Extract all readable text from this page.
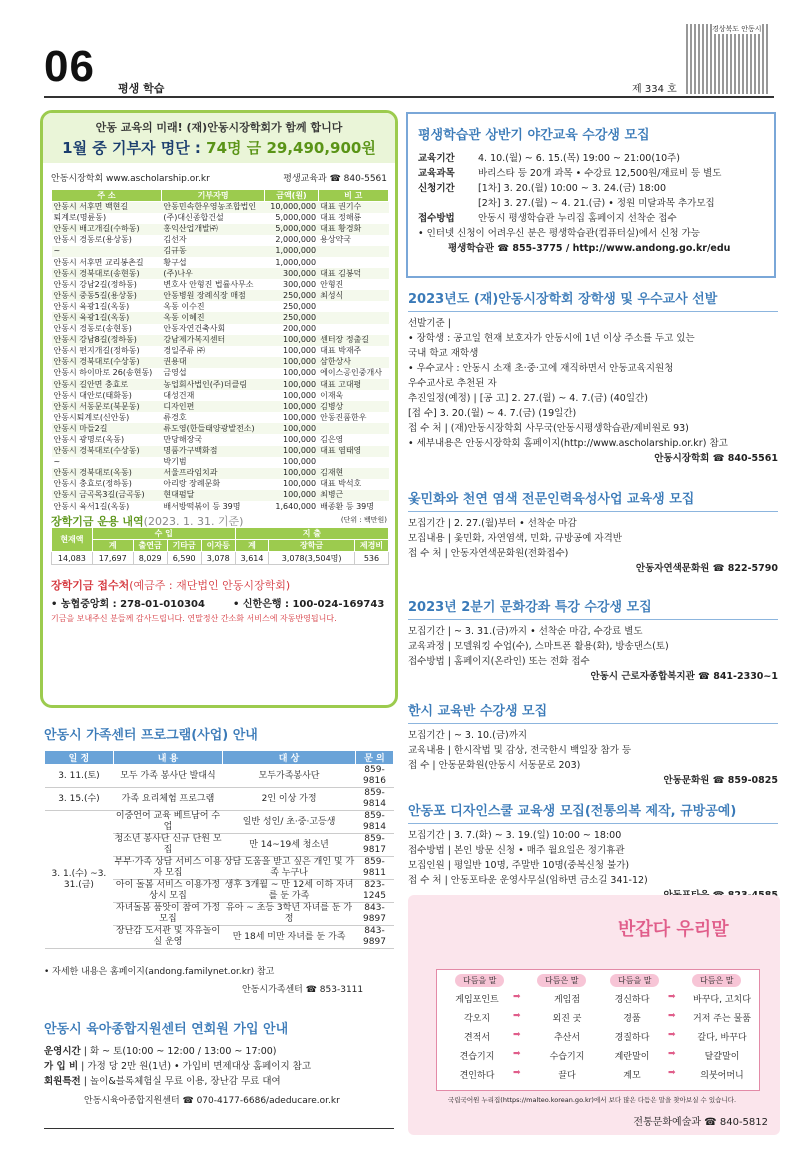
06 평생 학습	제 334 호
경상북도 안동시
안동 교육의 미래! (재)안동시장학회가 함께 합니다
1월 중 기부자 명단 : 74명 금 29,490,900원
안동시장학회 www.ascholarship.or.kr	평생교육과 ☎ 840-5561
주 소	기부자명	금액(원)	비 고
안동시 서후면 백현길	안동민속한우영농조합법인	10,000,000	대표 권기수
퇴계로(명륜동)	(주)대신종합건설	5,000,000	대표 정해룡
안동시 배고개길(수하동)	홍익산업개발㈜	5,000,000	대표 황경화
안동시 경동로(용상동)	김선자	2,000,000	용상약국
~	김규동	1,000,000	
안동시 서후면 교리봉촌길	황구섭	1,000,000	
안동시 경북대로(송현동)	(주)나우	300,000	대표 김봉덕
안동시 강남2길(정하동)	변호사 안형진 법률사무소	300,000	안형진
안동시 중동5길(용상동)	안동병원 장례식장 매점	250,000	최성식
안동시 육광1길(옥동)	옥동 이수진	250,000	
안동시 육광1길(옥동)	옥동 이혜진	250,000	
안동시 경동로(송현동)	안동자연건축사회	200,000	
안동시 강남8길(정하동)	강남제가복지센터	100,000	센터장 정출길
안동시 편지개길(정하동)	경일주류 ㈜	100,000	대표 박재주
안동시 경북대로(수상동)	권용대	100,000	삼한상사
안동시 하이마로 26(송현동)	금영섭	100,000	에이스공인중개사
안동시 길안면 충효로	농업회사법인(주)더클림	100,000	대표 고대평
안동시 대안로(태화동)	대성건재	100,000	이재욱
안동시 서동문로(북문동)	디자인편	100,000	김병상
안동시퇴계로(신안동)	류경호	100,000	안동진품한우
안동시 마들2길	류도영(한들태양광발전소)	100,000	
안동시 광명로(옥동)	만당해장국	100,000	김은영
안동시 경북대로(수상동)	명품가구백화점	100,000	대표 염태영
~	박기범	100,000	
안동시 경북대로(옥동)	서울프라임치과	100,000	김재현
안동시 충효로(정하동)	아리랑 장례문화	100,000	대표 박석호
안동시 금곡목3길(금곡동)	현대펌달	100,000	최병근
안동시 육서1길(옥동)	배서방떡볶이 등 39명	1,640,000	배종환 등 39명
장학기금 운용 내역(2023. 1. 31. 기준)	(단위 : 백만원)
현재액	수 입				지 출		
	계	출연금	기타금	이자등	계	장학금	제경비
14,083	17,697	8,029	6,590	3,078	3,614	3,078(3,504명)	536
장학기금 접수처(예금주 : 재단법인 안동시장학회)
• 농협중앙회 : 278-01-010304	• 신한은행 : 100-024-169743
기금을 보내주신 분들께 감사드립니다. 연말정산 간소화 서비스에 자동반영됩니다.
안동시 가족센터 프로그램(사업) 안내
일 정	내 용	대 상	문 의
3. 11.(토)	모두 가족 봉사단 발대식	모두가족봉사단	859-9816
3. 15.(수)	가족 요리체험 프로그램	2인 이상 가정	859-9814
3. 1.(수) ~3. 31.(금)	이중언어 교육 베트남어 수업	일반 성인/ 초·중·고등생	859-9814
	청소년 봉사단 신규 단원 모집	만 14~19세 청소년	859-9817
	부부·가족 상담 서비스 이용자 모집	상담 도움을 받고 싶은 개인 및 가족 누구나	859-9811
	아이 돌봄 서비스 이용가정 상시 모집	생후 3개월 ~ 만 12세 이하 자녀를 둔 가족	823-1245
	자녀돌봄 품앗이 참여 가정 모집	유아 ~ 초등 3학년 자녀를 둔 가정	843-9897
	장난감 도서관 및 자유놀이실 운영	만 18세 미만 자녀를 둔 가족	843-9897
• 자세한 내용은 홈페이지(andong.familynet.or.kr) 참고
안동시가족센터 ☎ 853-3111
안동시 육아종합지원센터 연회원 가입 안내
운영시간 | 화 ~ 토(10:00 ~ 12:00 / 13:00 ~ 17:00)
가 입 비 | 가정 당 2만 원(1년) • 가입비 면제대상 홈페이지 참고
회원특전 | 놀이&블록체험실 무료 이용, 장난감 무료 대여
안동시육아종합지원센터 ☎ 070-4177-6686/adeducare.or.kr
평생학습관 상반기 야간교육 수강생 모집
교육기간 4. 10.(월) ~ 6. 15.(목) 19:00 ~ 21:00(10주)
교육과목 바리스타 등 20개 과목 • 수강료 12,500원/재료비 등 별도
신청기간 [1차] 3. 20.(월) 10:00 ~ 3. 24.(금) 18:00
[2차] 3. 27.(월) ~ 4. 21.(금) • 정원 미달과목 추가모집
접수방법 안동시 평생학습관 누리집 홈페이지 선착순 접수
• 인터넷 신청이 어려우신 분은 평생학습관(컴퓨터실)에서 신청 가능
평생학습관 ☎ 855-3775 / http://www.andong.go.kr/edu
2023년도 (재)안동시장학회 장학생 및 우수교사 선발
선발기준 |
• 장학생 : 공고일 현재 보호자가 안동시에 1년 이상 주소를 두고 있는
국내 학교 재학생
• 우수교사 : 안동시 소재 초·중·고에 재직하면서 안동교육지원청
우수교사로 추천된 자
추진일정(예정) | [공 고] 2. 27.(월) ~ 4. 7.(금) (40일간)
[접 수] 3. 20.(월) ~ 4. 7.(금) (19일간)
접 수 처 | (재)안동시장학회 사무국(안동시평생학습관/제비원로 93)
• 세부내용은 안동시장학회 홈페이지(http://www.ascholarship.or.kr) 참고
안동시장학회 ☎ 840-5561
옻민화와 천연 염색 전문인력육성사업 교육생 모집
모집기간 | 2. 27.(월)부터 • 선착순 마감
모집내용 | 옻민화, 자연염색, 민화, 규방공예 자격반
접 수 처 | 안동자연색문화원(전화접수)
안동자연색문화원 ☎ 822-5790
2023년 2분기 문화강좌 특강 수강생 모집
모집기간 | ~ 3. 31.(금)까지 • 선착순 마감, 수강료 별도
교육과정 | 모델워킹 수업(수), 스마트폰 활용(화), 방송댄스(토)
접수방법 | 홈페이지(온라인) 또는 전화 접수
안동시 근로자종합복지관 ☎ 841-2330~1
한시 교육반 수강생 모집
모집기간 | ~ 3. 10.(금)까지
교육내용 | 한시작법 및 감상, 전국한시 백일장 참가 등
접 수 | 안동문화원(안동시 서동문로 203)
안동문화원 ☎ 859-0825
안동포 디자인스쿨 교육생 모집(전통의복 제작, 규방공예)
모집기간 | 3. 7.(화) ~ 3. 19.(일) 10:00 ~ 18:00
접수방법 | 본인 방문 신청 • 매주 월요일은 정기휴관
모집인원 | 평일반 10명, 주말반 10명(중복신청 불가)
접 수 처 | 안동포타운 운영사무실(임하면 금소길 341-12)
반갑다 우리말
다듬을 말	다듬은 말
게임포인트	➡	게임점
각오지	➡	외진 곳
견적서	➡	추산서
견습기지	➡	수습기지
견인하다	➡	끌다
다듬을 말	다듬은 말
경신하다	➡	바꾸다, 고치다
경품	➡	거저 주는 물품
경질하다	➡	갈다, 바꾸다
계란말이	➡	달걀말이
계모	➡	의붓어머니
국립국어원 누리집(https://malteo.korean.go.kr)에서 보다 많은 다듬은 말을 찾아보실 수 있습니다.
전통문화예술과 ☎ 840-5812
